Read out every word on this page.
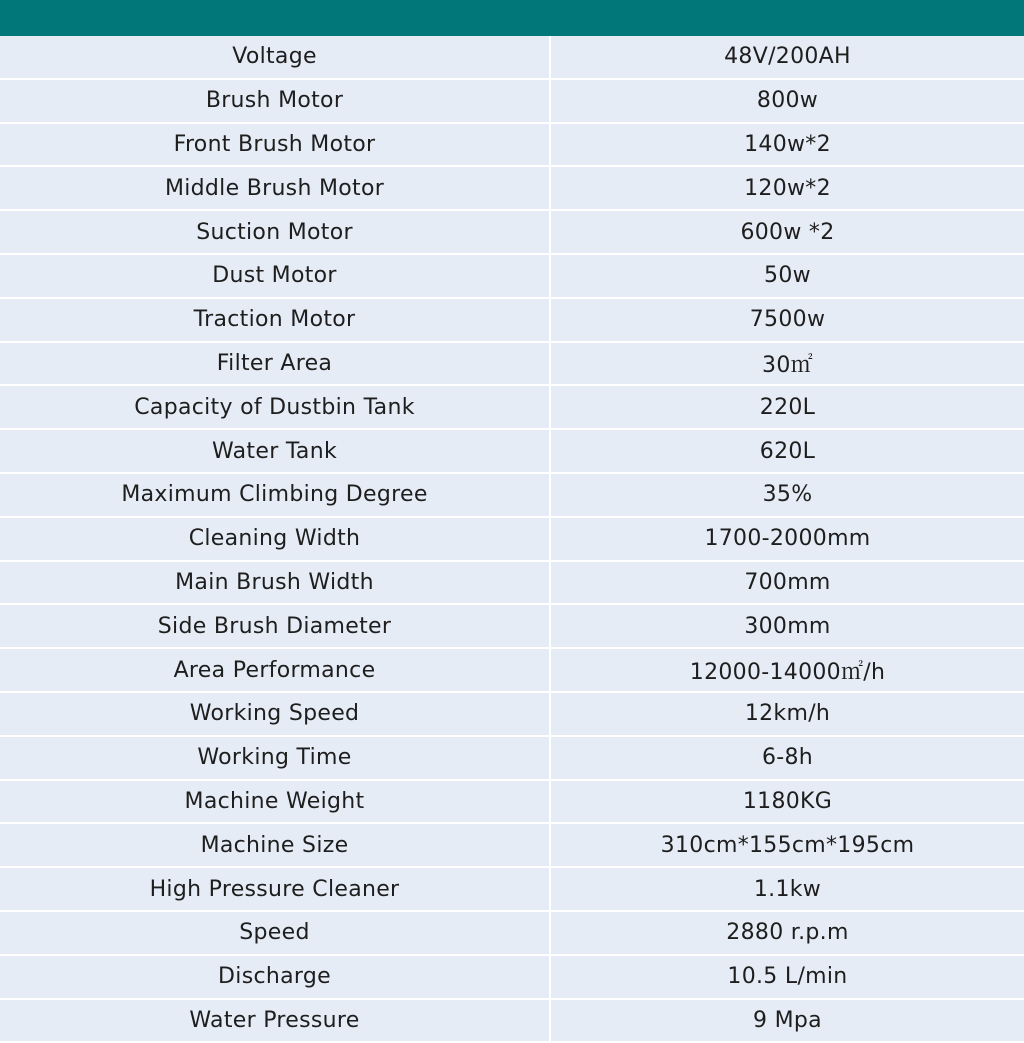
Voltage	48V/200AH
Brush Motor	800w
Front Brush Motor	140w*2
Middle Brush Motor	120w*2
Suction Motor	600w *2
Dust Motor	50w
Traction Motor	7500w
Filter Area	30㎡
Capacity of Dustbin Tank	220L
Water Tank	620L
Maximum Climbing Degree	35%
Cleaning Width	1700-2000mm
Main Brush Width	700mm
Side Brush Diameter	300mm
Area Performance	12000-14000㎡/h
Working Speed	12km/h
Working Time	6-8h
Machine Weight	1180KG
Machine Size	310cm*155cm*195cm
High Pressure Cleaner	1.1kw
Speed	2880 r.p.m
Discharge	10.5 L/min
Water Pressure	9 Mpa
